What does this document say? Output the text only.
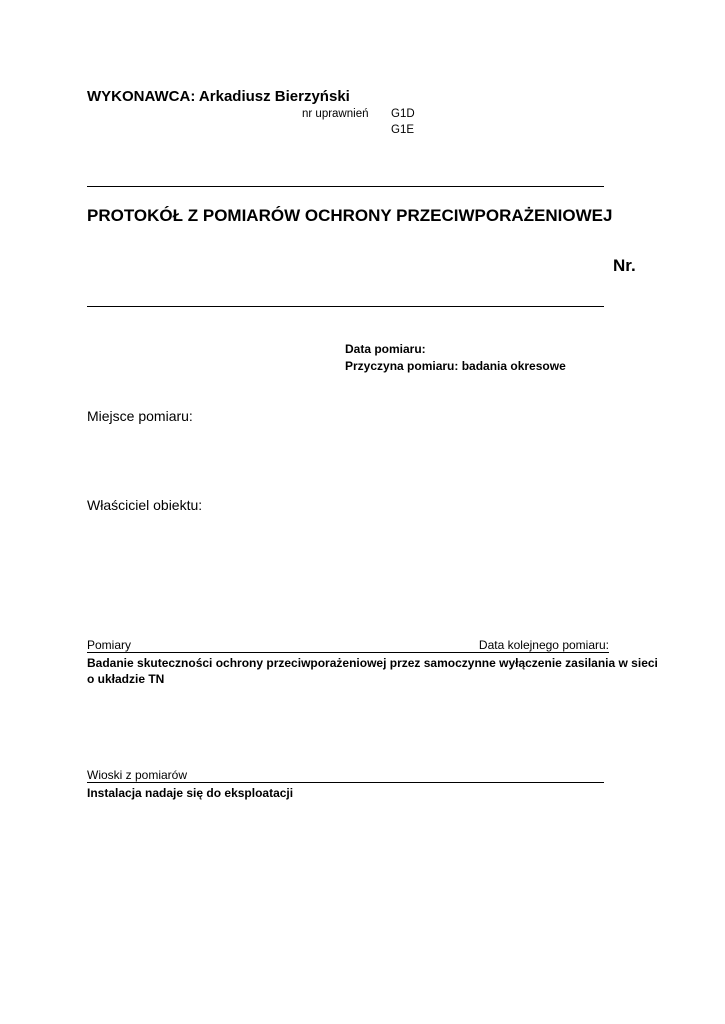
WYKONAWCA: Arkadiusz Bierzyński
nr uprawnień G1D
G1E
PROTOKÓŁ Z POMIARÓW OCHRONY PRZECIWPORAŻENIOWEJ
Nr.
Data pomiaru:
Przyczyna pomiaru: badania okresowe
Miejsce pomiaru:
Właściciel obiektu:
Pomiary	Data kolejnego pomiaru:
Badanie skuteczności ochrony przeciwporażeniowej przez samoczynne wyłączenie zasilania w sieci
o układzie TN
Wioski z pomiarów
Instalacja nadaje się do eksploatacji
